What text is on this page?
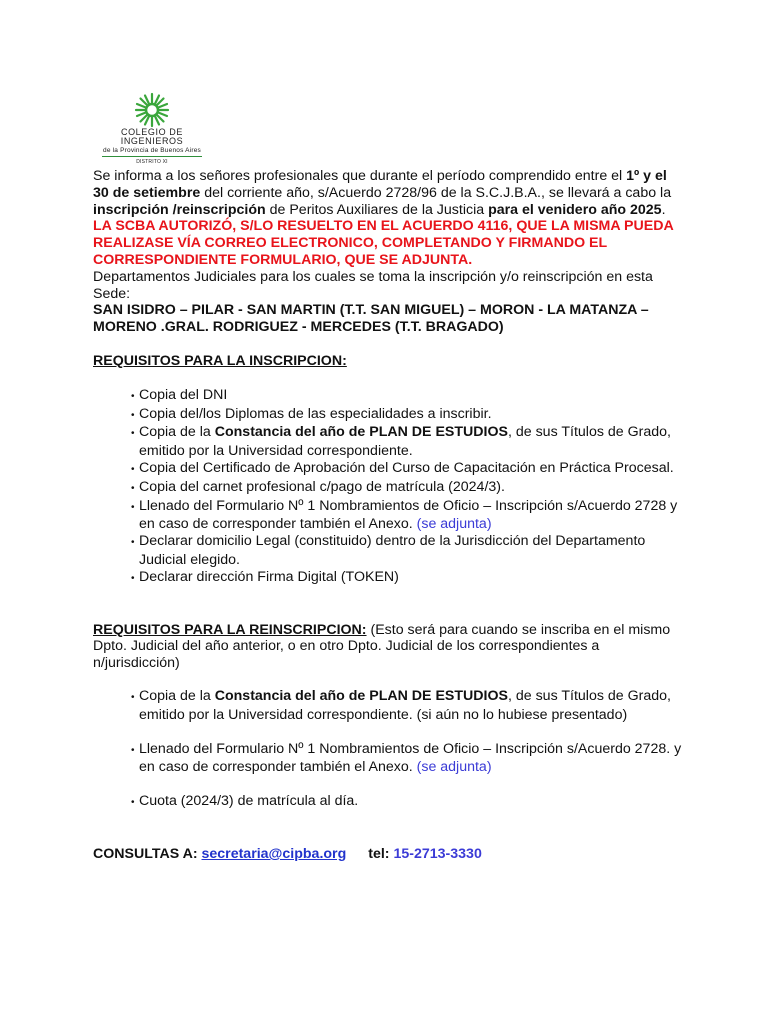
COLEGIO DE INGENIEROS
de la Provincia de Buenos Aires
DISTRITO XI

Se informa a los señores profesionales que durante el período comprendido entre el 1º y el 30 de setiembre del corriente año, s/Acuerdo 2728/96 de la S.C.J.B.A., se llevará a cabo la inscripción /reinscripción de Peritos Auxiliares de la Justicia para el venidero año 2025.

LA SCBA AUTORIZÓ, S/LO RESUELTO EN EL ACUERDO 4116, QUE LA MISMA PUEDA REALIZASE VÍA CORREO ELECTRONICO, COMPLETANDO Y FIRMANDO EL CORRESPONDIENTE FORMULARIO, QUE SE ADJUNTA.

Departamentos Judiciales para los cuales se toma la inscripción y/o reinscripción en esta Sede:

SAN ISIDRO – PILAR - SAN MARTIN (T.T. SAN MIGUEL) – MORON - LA MATANZA – MORENO .GRAL. RODRIGUEZ - MERCEDES (T.T. BRAGADO)

REQUISITOS PARA LA INSCRIPCION:

• Copia del DNI
• Copia del/los Diplomas de las especialidades a inscribir.
• Copia de la Constancia del año de PLAN DE ESTUDIOS, de sus Títulos de Grado, emitido por la Universidad correspondiente.
• Copia del Certificado de Aprobación del Curso de Capacitación en Práctica Procesal.
• Copia del carnet profesional c/pago de matrícula (2024/3).
• Llenado del Formulario Nº 1 Nombramientos de Oficio – Inscripción s/Acuerdo 2728 y en caso de corresponder también el Anexo. (se adjunta)
• Declarar domicilio Legal (constituido) dentro de la Jurisdicción del Departamento Judicial elegido.
• Declarar dirección Firma Digital (TOKEN)

REQUISITOS PARA LA REINSCRIPCION: (Esto será para cuando se inscriba en el mismo Dpto. Judicial del año anterior, o en otro Dpto. Judicial de los correspondientes a n/jurisdicción)

• Copia de la Constancia del año de PLAN DE ESTUDIOS, de sus Títulos de Grado, emitido por la Universidad correspondiente. (si aún no lo hubiese presentado)
• Llenado del Formulario Nº 1 Nombramientos de Oficio – Inscripción s/Acuerdo 2728. y en caso de corresponder también el Anexo. (se adjunta)
• Cuota (2024/3) de matrícula al día.

CONSULTAS A: secretaria@cipba.org tel: 15-2713-3330
